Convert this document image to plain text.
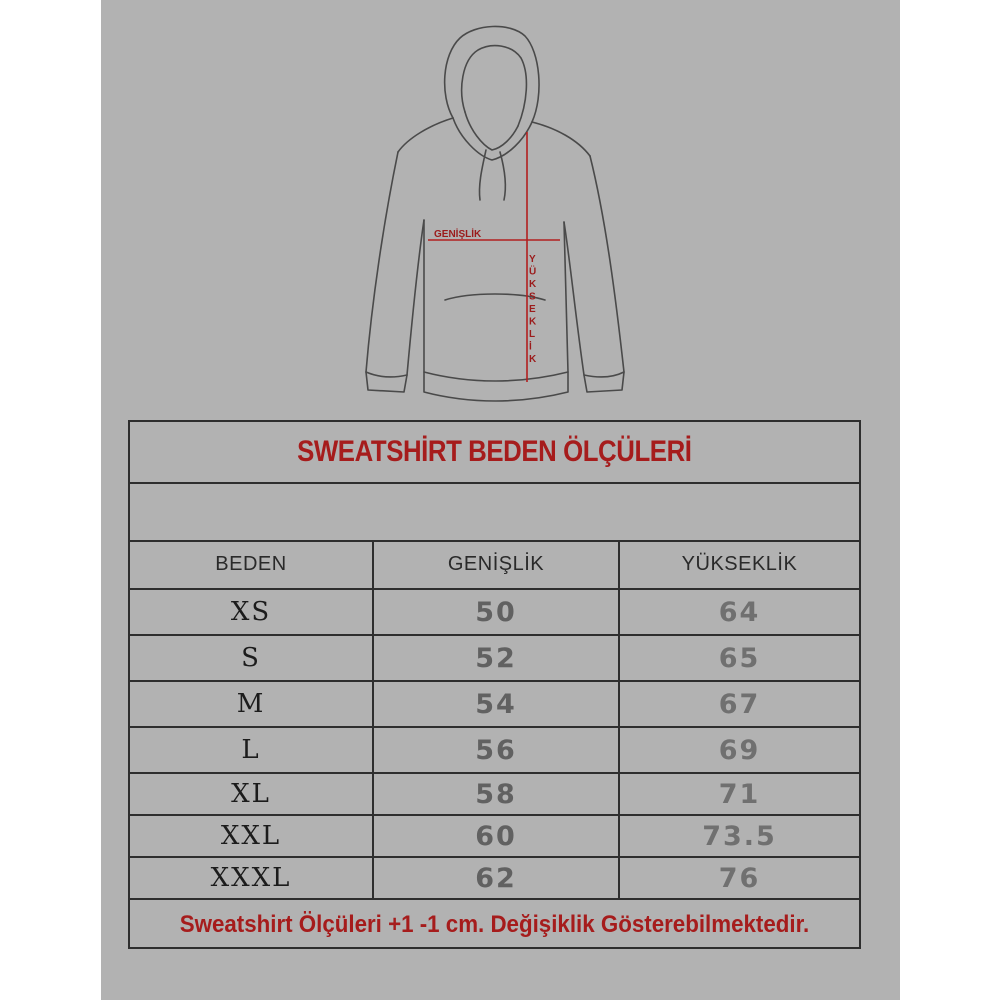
GENİŞLİK
Y
Ü
K
S
E
K
L
İ
K
SWEATSHİRT BEDEN ÖLÇÜLERİ
BEDEN	GENİŞLİK	YÜKSEKLİK
XS	50	64
S	52	65
M	54	67
L	56	69
XL	58	71
XXL	60	73.5
XXXL	62	76
Sweatshirt Ölçüleri +1 -1 cm. Değişiklik Gösterebilmektedir.
